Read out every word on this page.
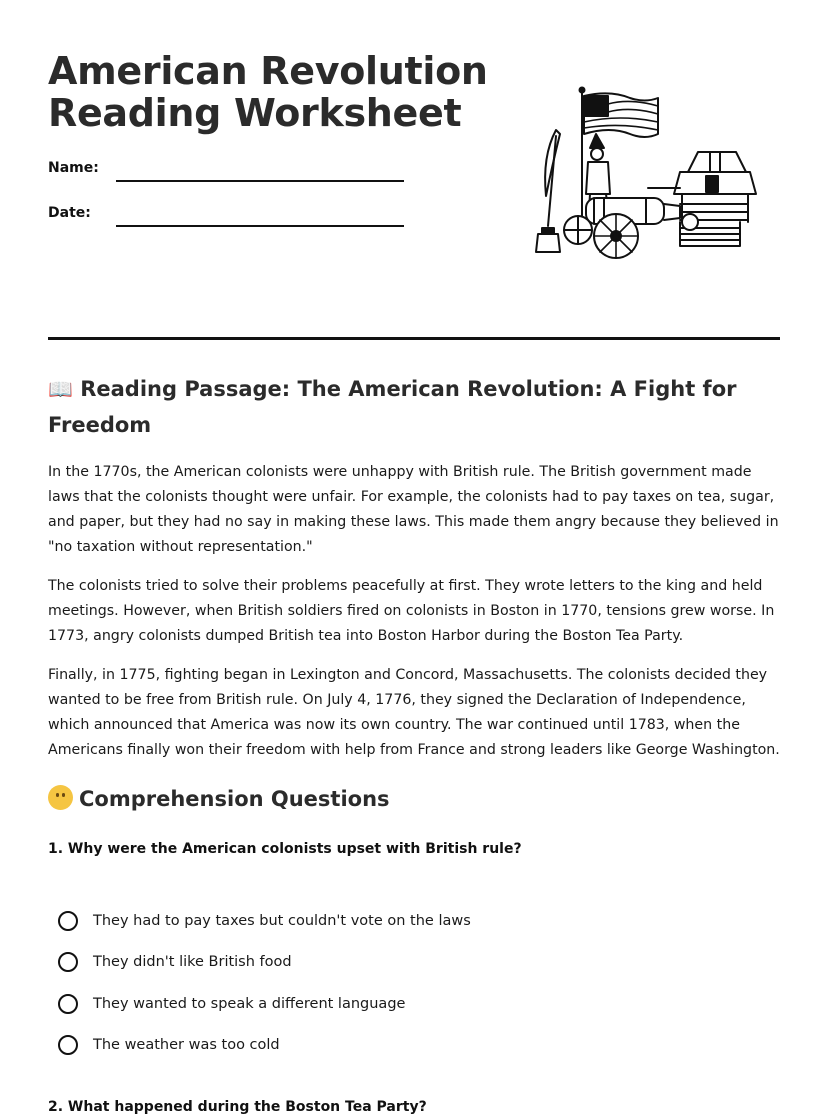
American Revolution
Reading Worksheet
Name:
Date:
📖 Reading Passage: The American Revolution: A Fight for Freedom

In the 1770s, the American colonists were unhappy with British rule. The British government made laws that the colonists thought were unfair. For example, the colonists had to pay taxes on tea, sugar, and paper, but they had no say in making these laws. This made them angry because they believed in "no taxation without representation."

The colonists tried to solve their problems peacefully at first. They wrote letters to the king and held meetings. However, when British soldiers fired on colonists in Boston in 1770, tensions grew worse. In 1773, angry colonists dumped British tea into Boston Harbor during the Boston Tea Party.

Finally, in 1775, fighting began in Lexington and Concord, Massachusetts. The colonists decided they wanted to be free from British rule. On July 4, 1776, they signed the Declaration of Independence, which announced that America was now its own country. The war continued until 1783, when the Americans finally won their freedom with help from France and strong leaders like George Washington.

Comprehension Questions
1. Why were the American colonists upset with British rule?
They had to pay taxes but couldn't vote on the laws
They didn't like British food
They wanted to speak a different language
The weather was too cold
2. What happened during the Boston Tea Party?
